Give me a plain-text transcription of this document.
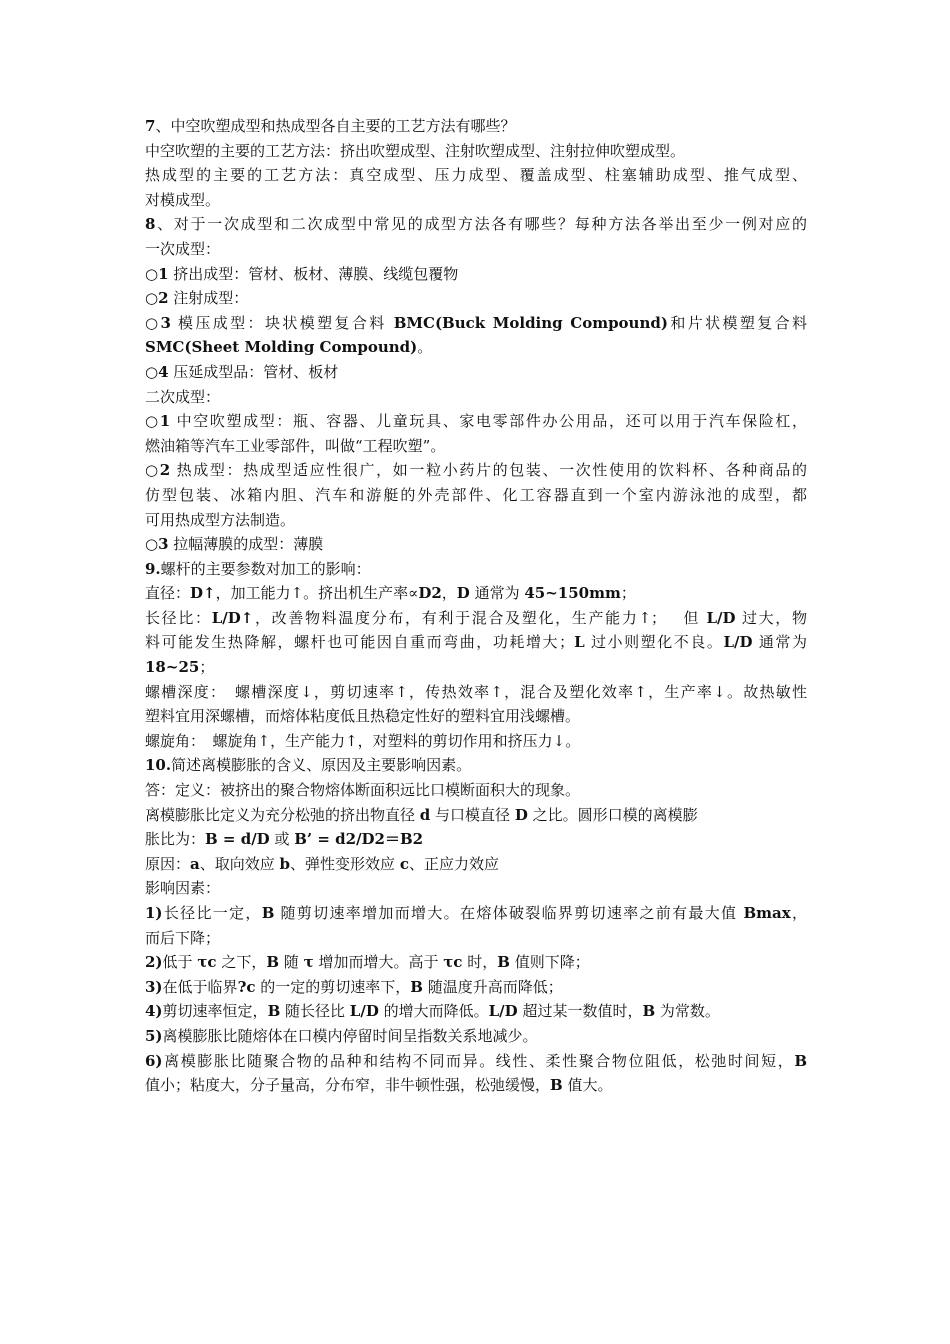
7、中空吹塑成型和热成型各自主要的工艺方法有哪些？
中空吹塑的主要的工艺方法：挤出吹塑成型、注射吹塑成型、注射拉伸吹塑成型。
热成型的主要的工艺方法：真空成型、压力成型、覆盖成型、柱塞辅助成型、推气成型、
对模成型。
8、对于一次成型和二次成型中常见的成型方法各有哪些？每种方法各举出至少一例对应的
一次成型：
○1 挤出成型：管材、板材、薄膜、线缆包覆物
○2 注射成型：
○3 模压成型：块状模塑复合料 BMC(Buck Molding Compound)和片状模塑复合料
SMC(Sheet Molding Compound)。
○4 压延成型品：管材、板材
二次成型：
○1 中空吹塑成型：瓶、容器、儿童玩具、家电零部件办公用品，还可以用于汽车保险杠，
燃油箱等汽车工业零部件，叫做“工程吹塑”。
○2 热成型：热成型适应性很广，如一粒小药片的包装、一次性使用的饮料杯、各种商品的
仿型包装、冰箱内胆、汽车和游艇的外壳部件、化工容器直到一个室内游泳池的成型，都
可用热成型方法制造。
○3 拉幅薄膜的成型：薄膜
9.螺杆的主要参数对加工的影响：
直径：D↑，加工能力↑。挤出机生产率∝D2，D 通常为 45~150mm；
长径比：L/D↑，改善物料温度分布，有利于混合及塑化，生产能力↑；　 但 L/D 过大，物
料可能发生热降解，螺杆也可能因自重而弯曲，功耗增大；L 过小则塑化不良。L/D 通常为
18~25；
螺槽深度：　螺槽深度↓，剪切速率↑，传热效率↑，混合及塑化效率↑，生产率↓。故热敏性
塑料宜用深螺槽，而熔体粘度低且热稳定性好的塑料宜用浅螺槽。
螺旋角：　螺旋角↑，生产能力↑，对塑料的剪切作用和挤压力↓。
10.简述离模膨胀的含义、原因及主要影响因素。
答：定义：被挤出的聚合物熔体断面积远比口模断面积大的现象。
离模膨胀比定义为充分松弛的挤出物直径 d 与口模直径 D 之比。圆形口模的离模膨
胀比为：B = d/D 或 B’ = d2/D2＝B2
原因：a、取向效应 b、弹性变形效应 c、正应力效应
影响因素：
1)长径比一定，B 随剪切速率增加而增大。在熔体破裂临界剪切速率之前有最大值 Bmax，
而后下降；
2)低于 τc 之下，B 随 τ 增加而增大。高于 τc 时，B 值则下降；
3)在低于临界?c 的一定的剪切速率下，B 随温度升高而降低；
4)剪切速率恒定，B 随长径比 L/D 的增大而降低。L/D 超过某一数值时，B 为常数。
5)离模膨胀比随熔体在口模内停留时间呈指数关系地减少。
6)离模膨胀比随聚合物的品种和结构不同而异。线性、柔性聚合物位阻低，松弛时间短，B
值小；粘度大，分子量高，分布窄，非牛顿性强，松弛缓慢，B 值大。
